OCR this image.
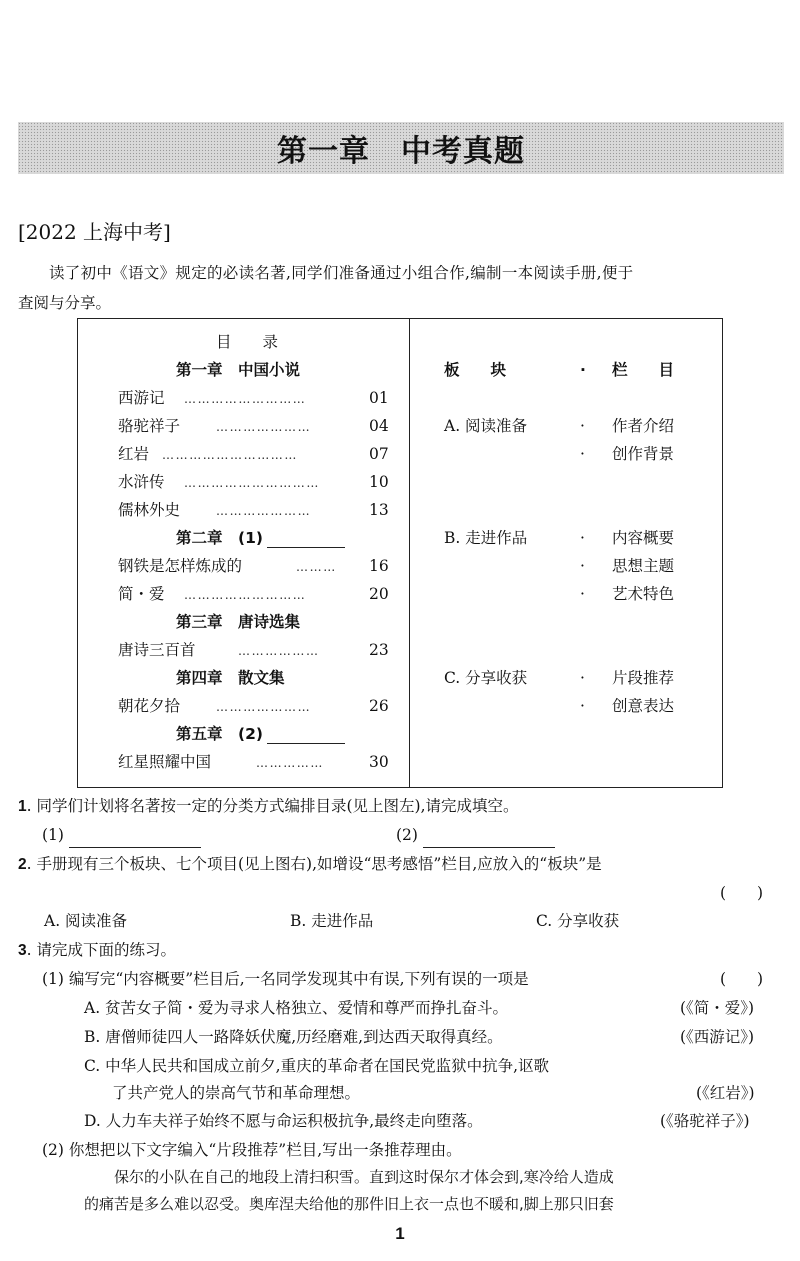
第一章　中考真题
[2022 上海中考]
读了初中《语文》规定的必读名著,同学们准备通过小组合作,编制一本阅读手册,便于
查阅与分享。
目　　录
第一章　中国小说
西游记 ………………………	01
骆驼祥子	…………………	04
红岩 …………………………	07
水浒传 …………………………	10
儒林外史	…………………	13
第二章　(1)
钢铁是怎样炼成的	……… 16
简・爱 ………………………	20
第三章　唐诗选集
唐诗三百首	………………	23
第四章　散文集
朝花夕拾	…………………	26
第五章　(2)
红星照耀中国	……………	30
板　　块	· 栏　　目
A. 阅读准备	· 作者介绍
· 创作背景
B. 走进作品	· 内容概要
· 思想主题
· 艺术特色
C. 分享收获	· 片段推荐
· 创意表达
1. 同学们计划将名著按一定的分类方式编排目录(见上图左),请完成填空。
(1)	(2)
2. 手册现有三个板块、七个项目(见上图右),如增设“思考感悟”栏目,应放入的“板块”是
(　　)
A. 阅读准备	B. 走进作品	C. 分享收获
3. 请完成下面的练习。
(1) 编写完“内容概要”栏目后,一名同学发现其中有误,下列有误的一项是	(　　)
A. 贫苦女子简・爱为寻求人格独立、爱情和尊严而挣扎奋斗。	(《简・爱》)
B. 唐僧师徒四人一路降妖伏魔,历经磨难,到达西天取得真经。	(《西游记》)
C. 中华人民共和国成立前夕,重庆的革命者在国民党监狱中抗争,讴歌
了共产党人的崇高气节和革命理想。	(《红岩》)
D. 人力车夫祥子始终不愿与命运积极抗争,最终走向堕落。	(《骆驼祥子》)
(2) 你想把以下文字编入“片段推荐”栏目,写出一条推荐理由。
保尔的小队在自己的地段上清扫积雪。直到这时保尔才体会到,寒冷给人造成
的痛苦是多么难以忍受。奥库涅夫给他的那件旧上衣一点也不暖和,脚上那只旧套
1
